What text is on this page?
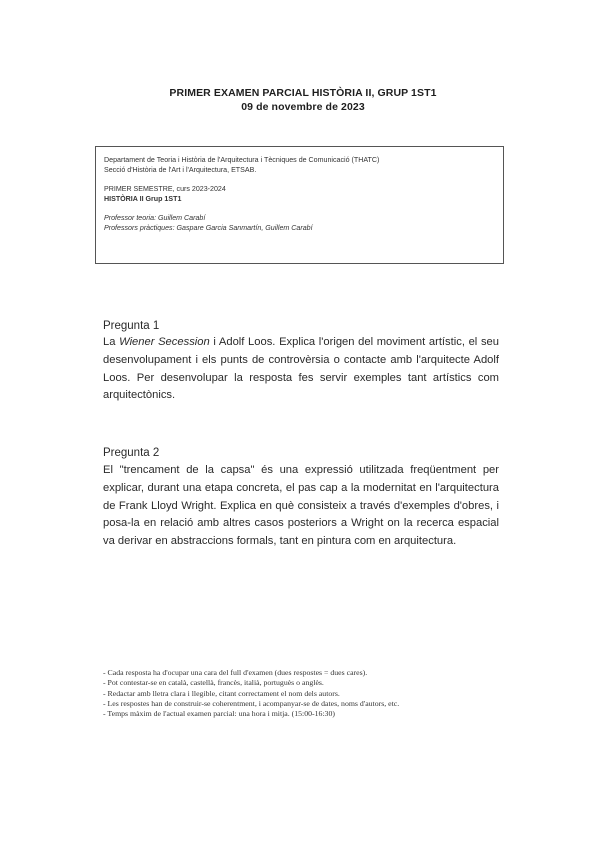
PRIMER EXAMEN PARCIAL HISTÒRIA II, GRUP 1ST1
09 de novembre de 2023
Departament de Teoria i Història de l'Arquitectura i Tècniques de Comunicació (THATC)
Secció d'Història de l'Art i l'Arquitectura, ETSAB.
PRIMER SEMESTRE, curs 2023-2024
HISTÒRIA II Grup 1ST1
Professor teoria: Guillem Carabí
Professors pràctiques: Gaspare Garcia Sanmartín, Guillem Carabí
Pregunta 1
La Wiener Secession i Adolf Loos. Explica l'origen del moviment artístic, el seu desenvolupament i els punts de controvèrsia o contacte amb l'arquitecte Adolf Loos. Per desenvolupar la resposta fes servir exemples tant artístics com arquitectònics.
Pregunta 2
El "trencament de la capsa" és una expressió utilitzada freqüentment per explicar, durant una etapa concreta, el pas cap a la modernitat en l'arquitectura de Frank Lloyd Wright. Explica en què consisteix a través d'exemples d'obres, i posa-la en relació amb altres casos posteriors a Wright on la recerca espacial va derivar en abstraccions formals, tant en pintura com en arquitectura.
- Cada resposta ha d'ocupar una cara del full d'examen (dues respostes = dues cares).
- Pot contestar-se en català, castellà, francès, italià, portuguès o anglès.
- Redactar amb lletra clara i llegible, citant correctament el nom dels autors.
- Les respostes han de construir-se coherentment, i acompanyar-se de dates, noms d'autors, etc.
- Temps màxim de l'actual examen parcial: una hora i mitja. (15:00-16:30)
